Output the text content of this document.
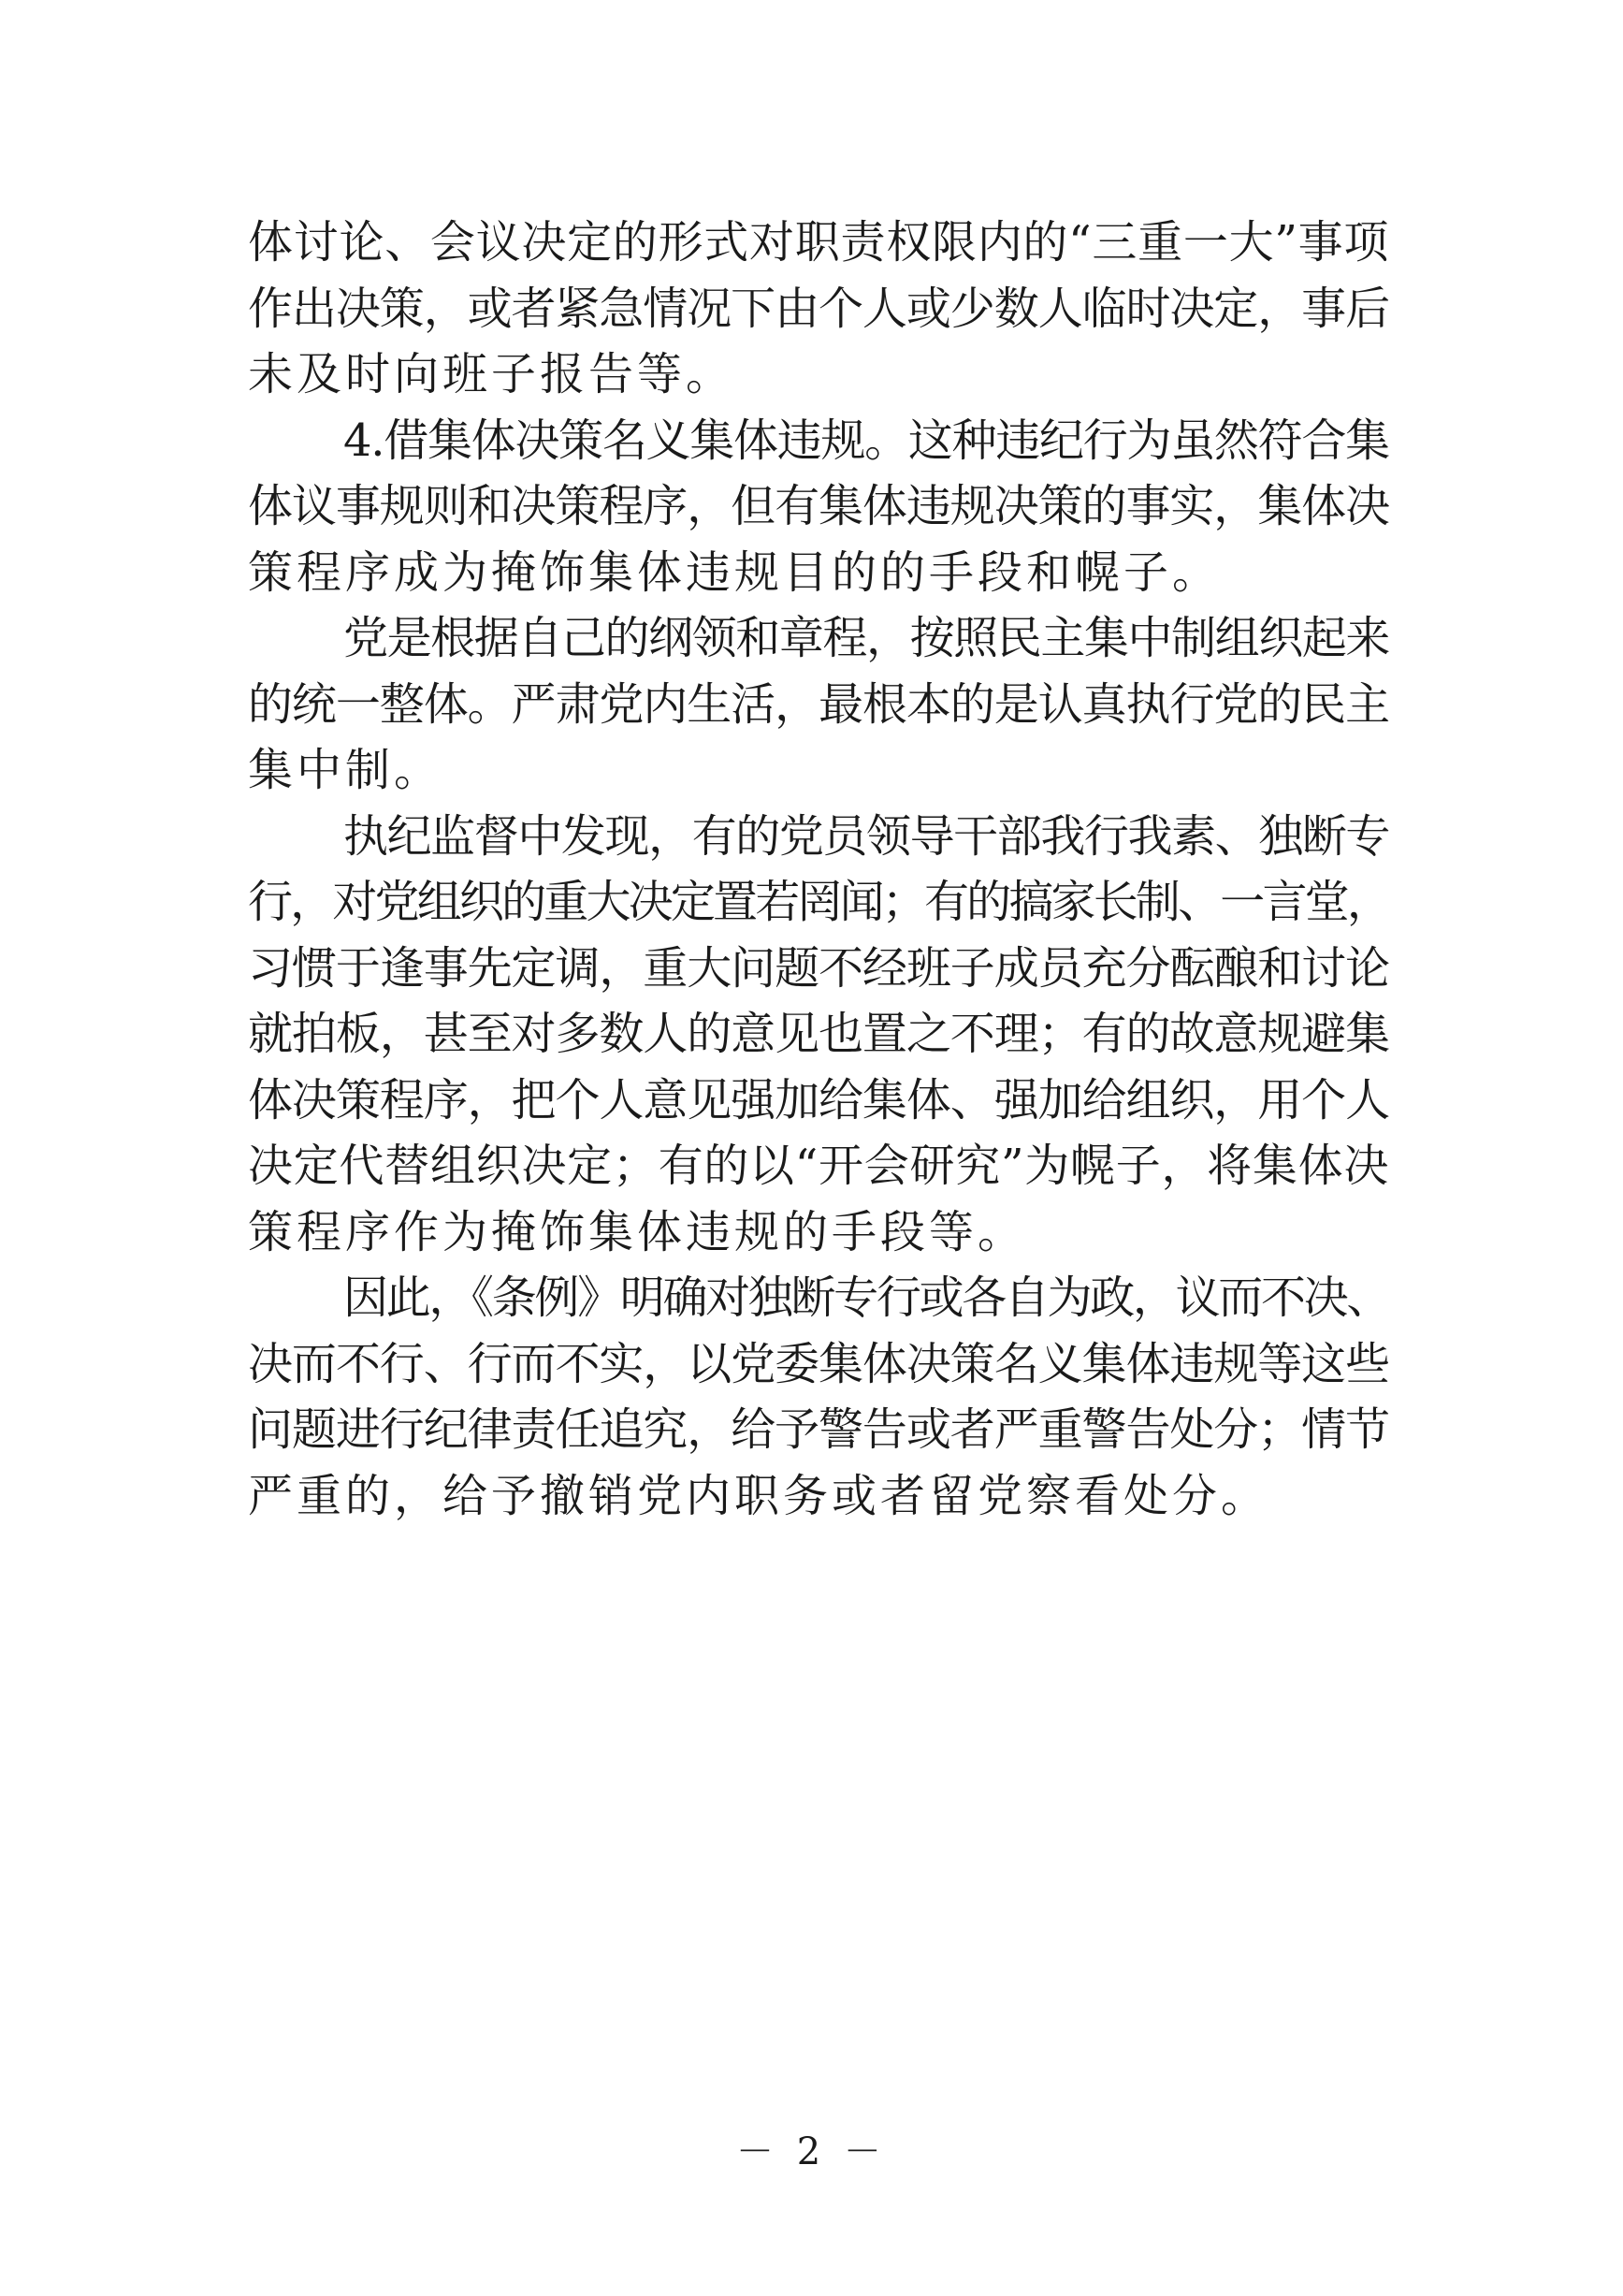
体讨论、会议决定的形式对职责权限内的“三重一大”事项
作出决策，或者紧急情况下由个人或少数人临时决定，事后
未及时向班子报告等。

4.借集体决策名义集体违规。这种违纪行为虽然符合集
体议事规则和决策程序，但有集体违规决策的事实，集体决
策程序成为掩饰集体违规目的的手段和幌子。

党是根据自己的纲领和章程，按照民主集中制组织起来
的统一整体。严肃党内生活，最根本的是认真执行党的民主
集中制。

执纪监督中发现，有的党员领导干部我行我素、独断专
行，对党组织的重大决定置若罔闻；有的搞家长制、一言堂，
习惯于逢事先定调，重大问题不经班子成员充分酝酿和讨论
就拍板，甚至对多数人的意见也置之不理；有的故意规避集
体决策程序，把个人意见强加给集体、强加给组织，用个人
决定代替组织决定；有的以“开会研究”为幌子，将集体决
策程序作为掩饰集体违规的手段等。

因此，《条例》明确对独断专行或各自为政，议而不决、
决而不行、行而不实，以党委集体决策名义集体违规等这些
问题进行纪律责任追究，给予警告或者严重警告处分；情节
严重的，给予撤销党内职务或者留党察看处分。

－ 2 －
